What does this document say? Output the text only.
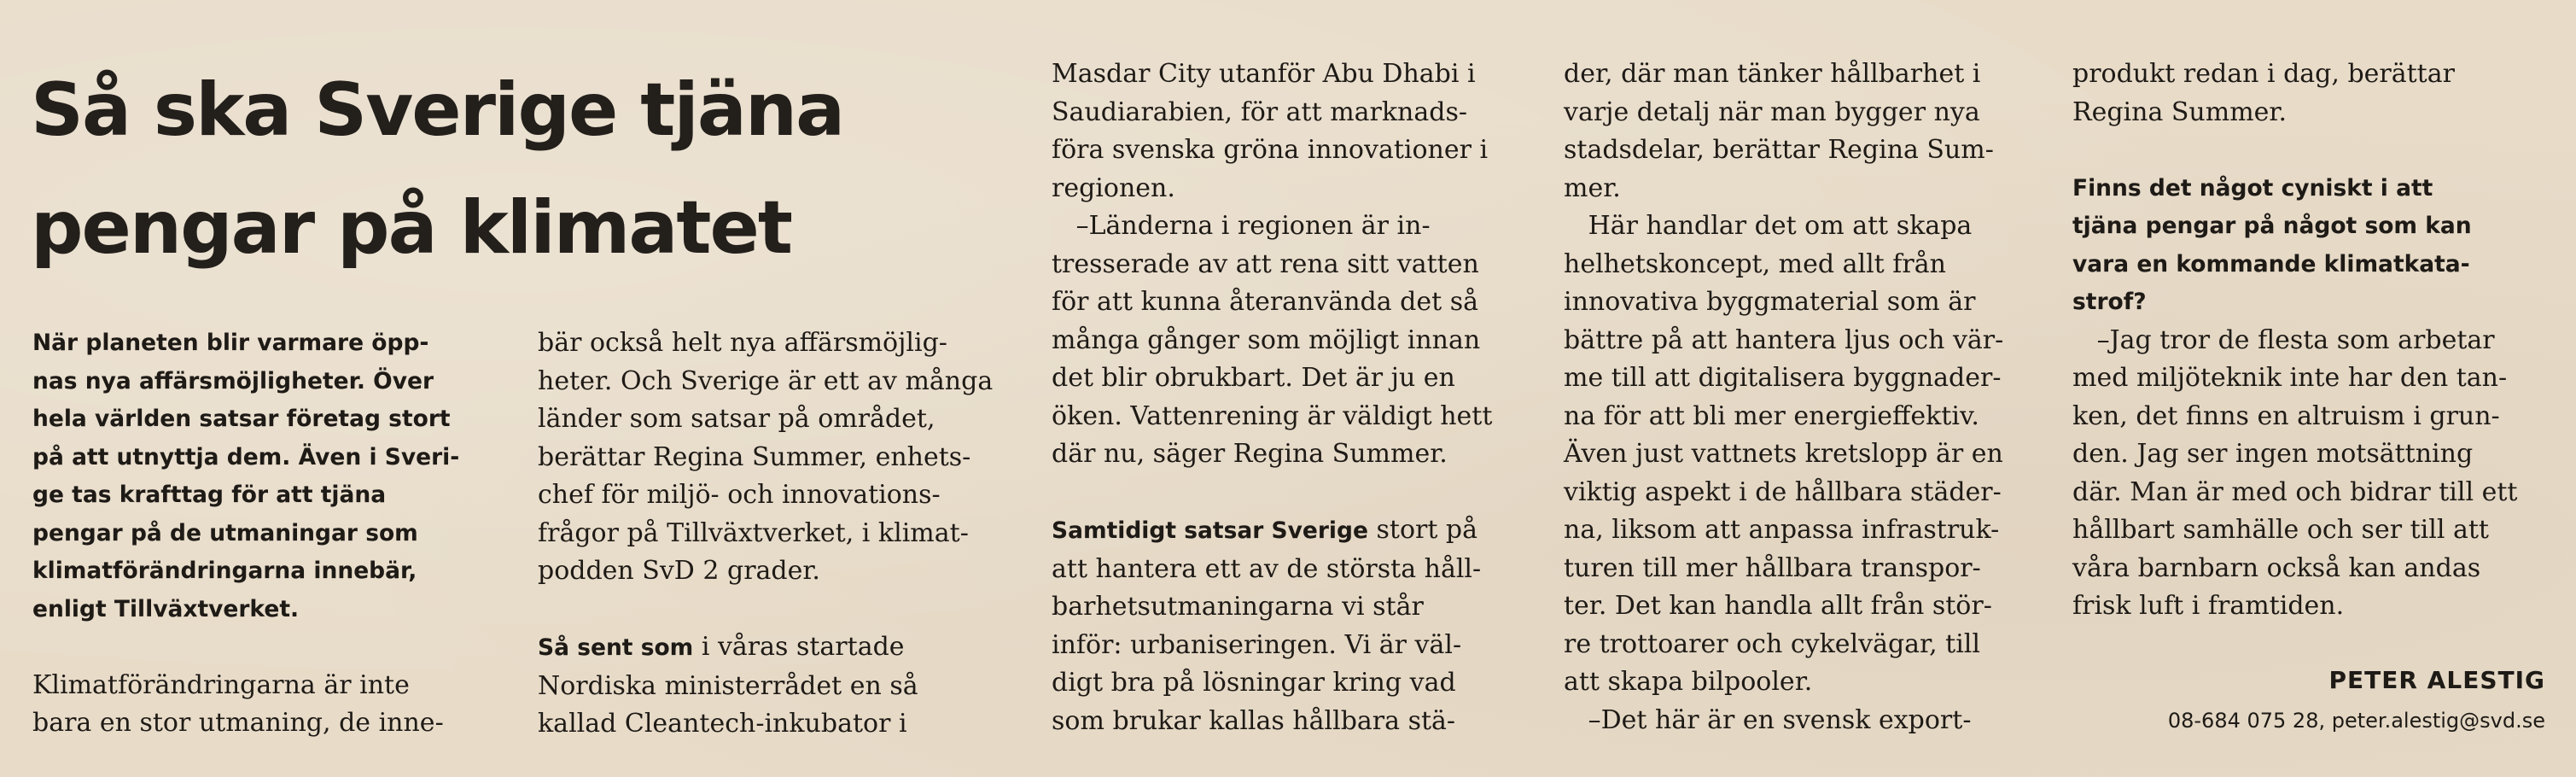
Så ska Sverige tjäna
pengar på klimatet

När planeten blir varmare öpp-

nas nya affärsmöjligheter. Över

hela världen satsar företag stort

på att utnyttja dem. Även i Sveri-

ge tas krafttag för att tjäna

pengar på de utmaningar som

klimatförändringarna innebär,

enligt Tillväxtverket.

Klimatförändringarna är inte

bara en stor utmaning, de inne-

bär också helt nya affärsmöjlig-

heter. Och Sverige är ett av många

länder som satsar på området,

berättar Regina Summer, enhets-

chef för miljö- och innovations-

frågor på Tillväxtverket, i klimat-

podden SvD 2 grader.

Så sent som i våras startade

Nordiska ministerrådet en så

kallad Cleantech-inkubator i

Masdar City utanför Abu Dhabi i

Saudiarabien, för att marknads-

föra svenska gröna innovationer i

regionen.

–Länderna i regionen är in-

tresserade av att rena sitt vatten

för att kunna återanvända det så

många gånger som möjligt innan

det blir obrukbart. Det är ju en

öken. Vattenrening är väldigt hett

där nu, säger Regina Summer.

Samtidigt satsar Sverige stort på

att hantera ett av de största håll-

barhetsutmaningarna vi står

inför: urbaniseringen. Vi är väl-

digt bra på lösningar kring vad

som brukar kallas hållbara stä-

der, där man tänker hållbarhet i

varje detalj när man bygger nya

stadsdelar, berättar Regina Sum-

mer.

Här handlar det om att skapa

helhetskoncept, med allt från

innovativa byggmaterial som är

bättre på att hantera ljus och vär-

me till att digitalisera byggnader-

na för att bli mer energieffektiv.

Även just vattnets kretslopp är en

viktig aspekt i de hållbara städer-

na, liksom att anpassa infrastruk-

turen till mer hållbara transpor-

ter. Det kan handla allt från stör-

re trottoarer och cykelvägar, till

att skapa bilpooler.

–Det här är en svensk export-

produkt redan i dag, berättar

Regina Summer.

Finns det något cyniskt i att

tjäna pengar på något som kan

vara en kommande klimatkata-

strof?

–Jag tror de flesta som arbetar

med miljöteknik inte har den tan-

ken, det finns en altruism i grun-

den. Jag ser ingen motsättning

där. Man är med och bidrar till ett

hållbart samhälle och ser till att

våra barnbarn också kan andas

frisk luft i framtiden.

PETER ALESTIG
08-684 075 28, peter.alestig@svd.se
